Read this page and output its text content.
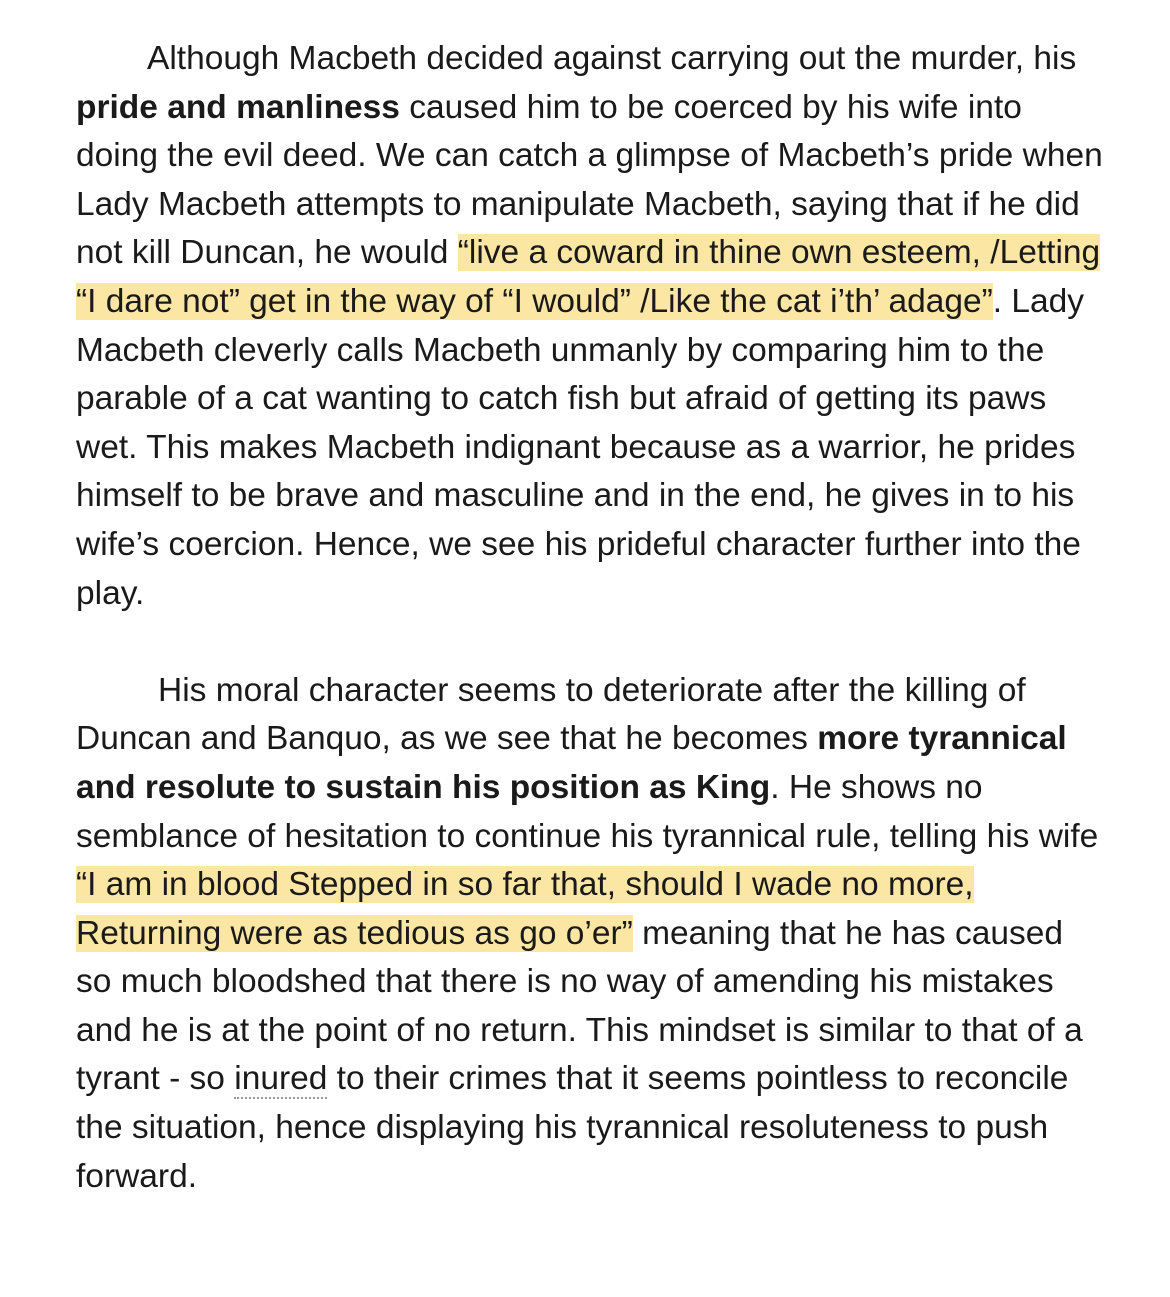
Although Macbeth decided against carrying out the murder, his pride and manliness caused him to be coerced by his wife into doing the evil deed. We can catch a glimpse of Macbeth’s pride when Lady Macbeth attempts to manipulate Macbeth, saying that if he did not kill Duncan, he would “live a coward in thine own esteem, /Letting “I dare not” get in the way of “I would” /Like the cat i’th’ adage”. Lady Macbeth cleverly calls Macbeth unmanly by comparing him to the parable of a cat wanting to catch fish but afraid of getting its paws wet. This makes Macbeth indignant because as a warrior, he prides himself to be brave and masculine and in the end, he gives in to his wife’s coercion. Hence, we see his prideful character further into the play.

His moral character seems to deteriorate after the killing of Duncan and Banquo, as we see that he becomes more tyrannical and resolute to sustain his position as King. He shows no semblance of hesitation to continue his tyrannical rule, telling his wife “I am in blood Stepped in so far that, should I wade no more, Returning were as tedious as go o’er” meaning that he has caused so much bloodshed that there is no way of amending his mistakes and he is at the point of no return. This mindset is similar to that of a tyrant - so inured to their crimes that it seems pointless to reconcile the situation, hence displaying his tyrannical resoluteness to push forward.
